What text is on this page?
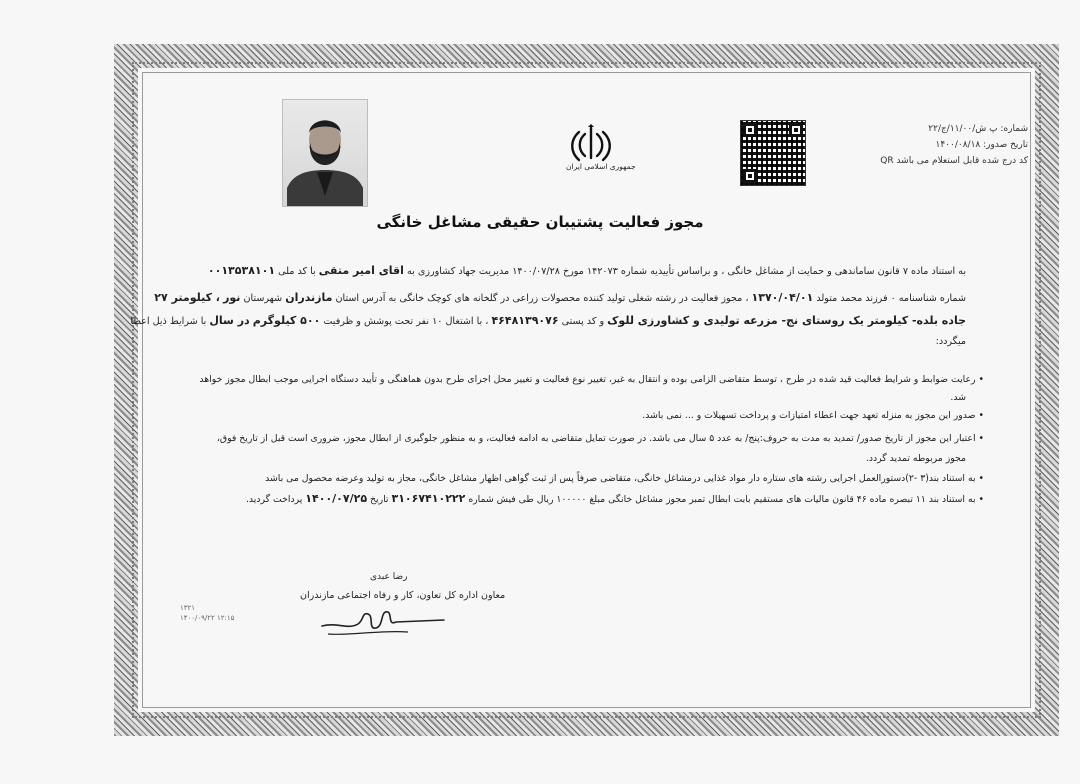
شماره: پ ش/۱۱/۰۰/ج/۲۲
تاریخ صدور: ۱۴۰۰/۰۸/۱۸
QR کد درج شده قابل استعلام می باشد
جمهوری اسلامی ایران
مجوز فعالیت پشتیبان حقیقی مشاغل خانگی
به استناد ماده ۷ قانون ساماندهی و حمایت از مشاغل خانگی ، و براساس تأییدیه شماره ۱۴۲۰۷۳ مورخ ۱۴۰۰/۰۷/۲۸ مدیریت جهاد کشاورزی به اقای امیر متقی با کد ملی ۰۰۱۳۵۳۸۱۰۱
شماره شناسنامه ۰ فرزند محمد متولد ۱۳۷۰/۰۴/۰۱ ، مجوز فعالیت در رشته شغلی تولید کننده محصولات زراعی در گلخانه های کوچک خانگی به آدرس استان مازندران شهرستان نور ، کیلومتر ۲۷
جاده بلده- کیلومتر یک روستای نج- مزرعه تولیدی و کشاورزی للوک و کد پستی ۴۶۴۸۱۳۹۰۷۶ ، با اشتغال ۱۰ نفر تحت پوشش و ظرفیت ۵۰۰ کیلوگرم در سال با شرایط ذیل اعطا
میگردد:
• رعایت ضوابط و شرایط فعالیت قید شده در طرح ، توسط متقاضی الزامی بوده و انتقال به غیر، تغییر نوع فعالیت و تغییر محل اجرای طرح بدون هماهنگی و تأیید دستگاه اجرایی موجب ابطال مجوز خواهد
شد.
• صدور این مجوز به منزله تعهد جهت اعطاء امتیازات و پرداخت تسهیلات و ... نمی باشد.
• اعتبار این مجوز از تاریخ صدور/ تمدید به مدت به حروف:پنج/ به عدد ۵ سال می باشد. در صورت تمایل متقاضی به ادامه فعالیت، و به منظور جلوگیری از ابطال مجوز، ضروری است قبل از تاریخ فوق،
مجوز مربوطه تمدید گردد.
• به استناد بند(۳ -۲)دستورالعمل اجرایی رشته های ستاره دار مواد غذایی درمشاغل خانگی، متقاضی صرفاً پس از ثبت گواهی اظهار مشاغل خانگی، مجاز به تولید وعرضه محصول می باشد
• به استناد بند ۱۱ تبصره ماده ۴۶ قانون مالیات های مستقیم بابت ابطال تمبر مجوز مشاغل خانگی مبلغ ۱۰۰۰۰۰ ریال طی فیش شماره ۳۱۰۶۷۴۱۰۲۲۲ تاریخ ۱۴۰۰/۰۷/۲۵ پرداخت گردید.
رضا عبدی
معاون اداره کل تعاون، کار و رفاه اجتماعی مازندران
۱۳۲۱
۱۴۰۰/۰۹/۲۲ ۱۲:۱۵
